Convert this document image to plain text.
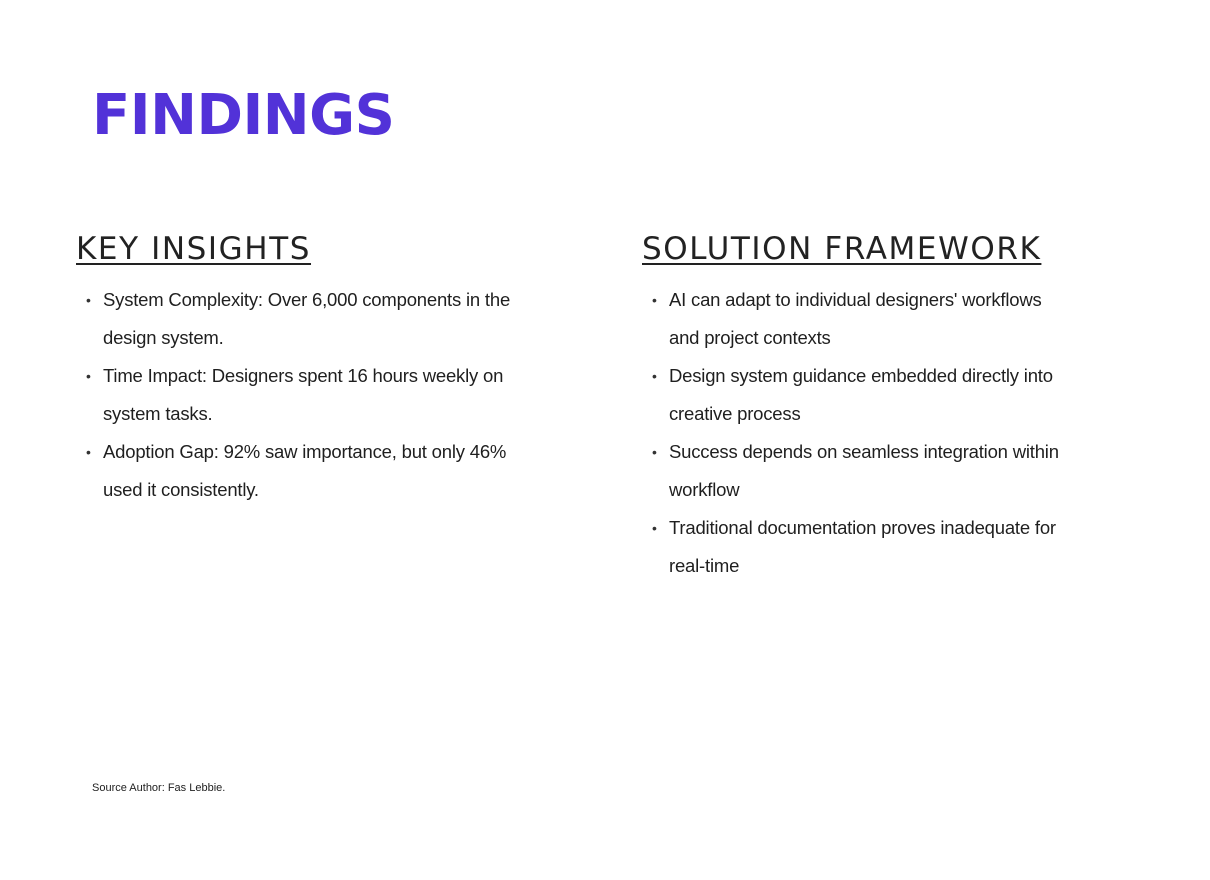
FINDINGS
KEY INSIGHTS
• System Complexity: Over 6,000 components in the design system.
• Time Impact: Designers spent 16 hours weekly on system tasks.
• Adoption Gap: 92% saw importance, but only 46% used it consistently.
SOLUTION FRAMEWORK
• AI can adapt to individual designers' workflows and project contexts
• Design system guidance embedded directly into creative process
• Success depends on seamless integration within workflow
• Traditional documentation proves inadequate for real-time

Source Author: Fas Lebbie.
